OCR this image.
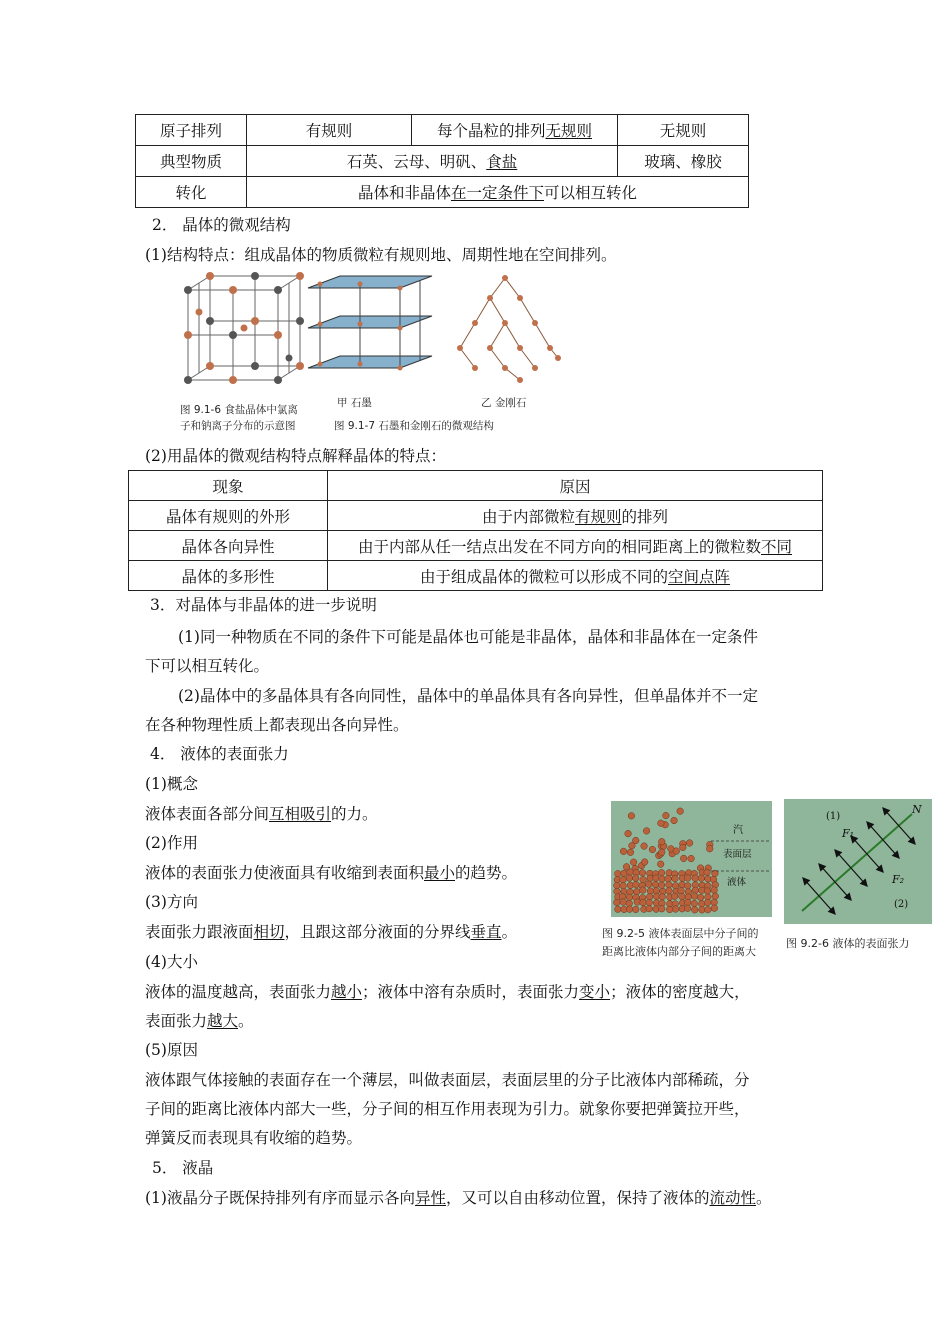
原子排列	有规则	每个晶粒的排列无规则	无规则
典型物质	石英、云母、明矾、食盐		玻璃、橡胶
转化	晶体和非晶体在一定条件下可以相互转化		
2． 晶体的微观结构
(1)结构特点：组成晶体的物质微粒有规则地、周期性地在空间排列。
图 9.1-6 食盐晶体中氯离
子和钠离子分布的示意图
甲 石墨	乙 金刚石
图 9.1-7 石墨和金刚石的微观结构
(2)用晶体的微观结构特点解释晶体的特点：
现象	原因
晶体有规则的外形	由于内部微粒有规则的排列
晶体各向异性	由于内部从任一结点出发在不同方向的相同距离上的微粒数不同
晶体的多形性	由于组成晶体的微粒可以形成不同的空间点阵
3．对晶体与非晶体的进一步说明
(1)同一种物质在不同的条件下可能是晶体也可能是非晶体，晶体和非晶体在一定条件
下可以相互转化。
(2)晶体中的多晶体具有各向同性，晶体中的单晶体具有各向异性，但单晶体并不一定
在各种物理性质上都表现出各向异性。
4． 液体的表面张力
(1)概念
液体表面各部分间互相吸引的力。
(2)作用
液体的表面张力使液面具有收缩到表面积最小的趋势。
(3)方向
表面张力跟液面相切，且跟这部分液面的分界线垂直。
(4)大小
液体的温度越高，表面张力越小；液体中溶有杂质时，表面张力变小；液体的密度越大，
表面张力越大。
(5)原因
液体跟气体接触的表面存在一个薄层，叫做表面层，表面层里的分子比液体内部稀疏，分
子间的距离比液体内部大一些，分子间的相互作用表现为引力。就象你要把弹簧拉开些，
弹簧反而表现具有收缩的趋势。
汽
表面层
液体
图 9.2-5 液体表面层中分子间的
距离比液体内部分子间的距离大
(1)
(2)
N
F₁
F₂
图 9.2-6 液体的表面张力
5． 液晶
(1)液晶分子既保持排列有序而显示各向异性，又可以自由移动位置，保持了液体的流动性。
